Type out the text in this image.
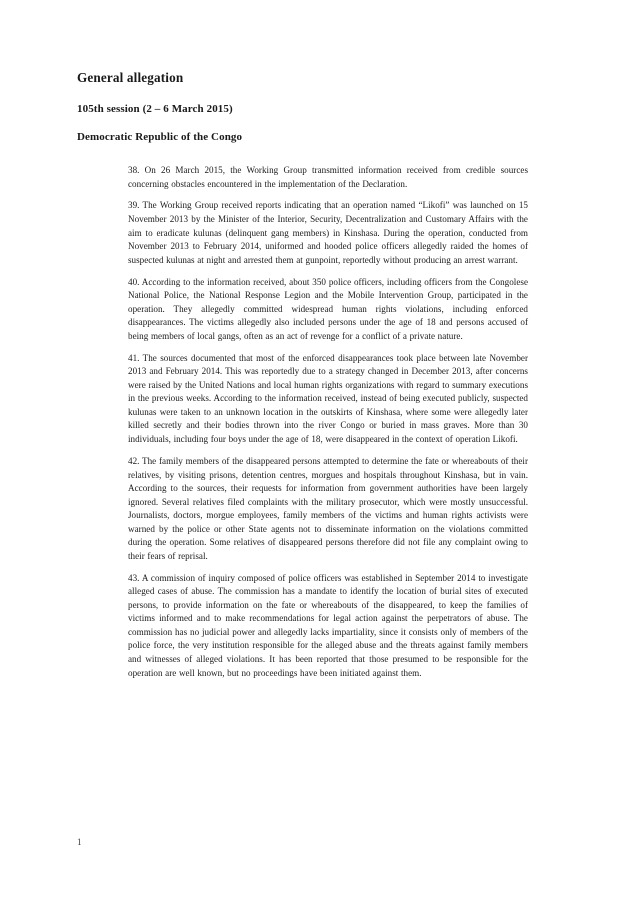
General allegation
105th session (2 – 6 March 2015)
Democratic Republic of the Congo

38. On 26 March 2015, the Working Group transmitted information received from credible sources concerning obstacles encountered in the implementation of the Declaration.

39. The Working Group received reports indicating that an operation named “Likofi” was launched on 15 November 2013 by the Minister of the Interior, Security, Decentralization and Customary Affairs with the aim to eradicate kulunas (delinquent gang members) in Kinshasa. During the operation, conducted from November 2013 to February 2014, uniformed and hooded police officers allegedly raided the homes of suspected kulunas at night and arrested them at gunpoint, reportedly without producing an arrest warrant.

40. According to the information received, about 350 police officers, including officers from the Congolese National Police, the National Response Legion and the Mobile Intervention Group, participated in the operation. They allegedly committed widespread human rights violations, including enforced disappearances. The victims allegedly also included persons under the age of 18 and persons accused of being members of local gangs, often as an act of revenge for a conflict of a private nature.

41. The sources documented that most of the enforced disappearances took place between late November 2013 and February 2014. This was reportedly due to a strategy changed in December 2013, after concerns were raised by the United Nations and local human rights organizations with regard to summary executions in the previous weeks. According to the information received, instead of being executed publicly, suspected kulunas were taken to an unknown location in the outskirts of Kinshasa, where some were allegedly later killed secretly and their bodies thrown into the river Congo or buried in mass graves. More than 30 individuals, including four boys under the age of 18, were disappeared in the context of operation Likofi.

42. The family members of the disappeared persons attempted to determine the fate or whereabouts of their relatives, by visiting prisons, detention centres, morgues and hospitals throughout Kinshasa, but in vain. According to the sources, their requests for information from government authorities have been largely ignored. Several relatives filed complaints with the military prosecutor, which were mostly unsuccessful. Journalists, doctors, morgue employees, family members of the victims and human rights activists were warned by the police or other State agents not to disseminate information on the violations committed during the operation. Some relatives of disappeared persons therefore did not file any complaint owing to their fears of reprisal.

43. A commission of inquiry composed of police officers was established in September 2014 to investigate alleged cases of abuse. The commission has a mandate to identify the location of burial sites of executed persons, to provide information on the fate or whereabouts of the disappeared, to keep the families of victims informed and to make recommendations for legal action against the perpetrators of abuse. The commission has no judicial power and allegedly lacks impartiality, since it consists only of members of the police force, the very institution responsible for the alleged abuse and the threats against family members and witnesses of alleged violations. It has been reported that those presumed to be responsible for the operation are well known, but no proceedings have been initiated against them.

1
